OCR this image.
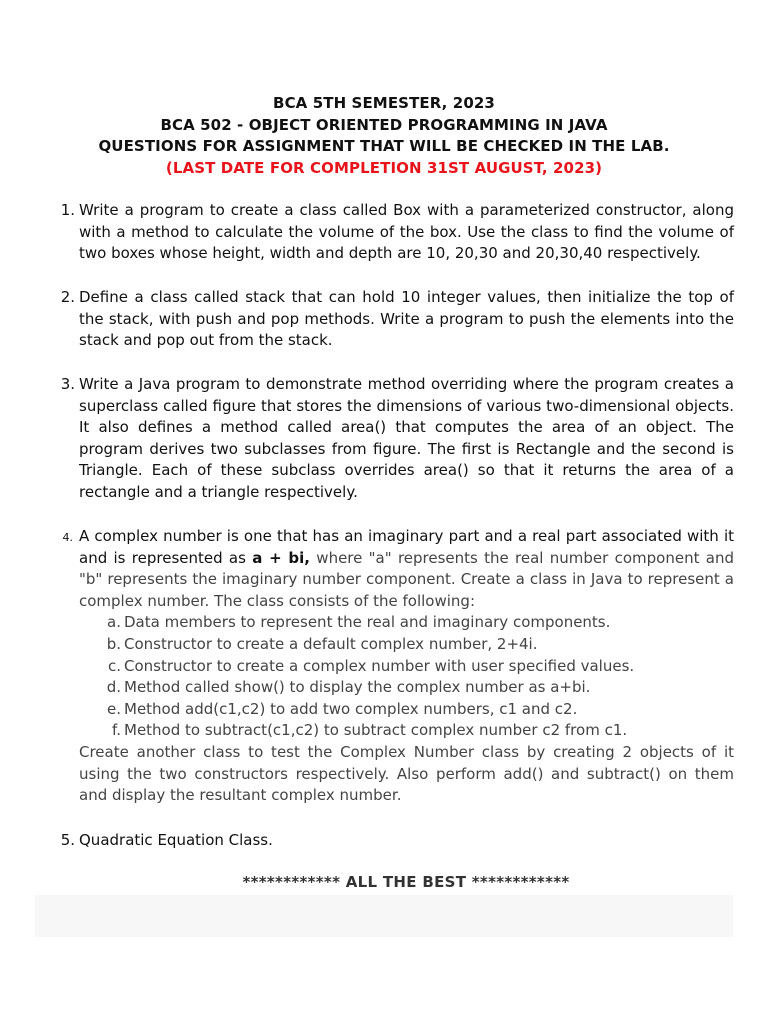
BCA 5TH SEMESTER, 2023
BCA 502 - OBJECT ORIENTED PROGRAMMING IN JAVA
QUESTIONS FOR ASSIGNMENT THAT WILL BE CHECKED IN THE LAB.
(LAST DATE FOR COMPLETION 31ST AUGUST, 2023)
1. Write a program to create a class called Box with a parameterized constructor, along with a method to calculate the volume of the box. Use the class to find the volume of two boxes whose height, width and depth are 10, 20,30 and 20,30,40 respectively.
2. Define a class called stack that can hold 10 integer values, then initialize the top of the stack, with push and pop methods. Write a program to push the elements into the stack and pop out from the stack.
3. Write a Java program to demonstrate method overriding where the program creates a superclass called figure that stores the dimensions of various two-dimensional objects. It also defines a method called area() that computes the area of an object. The program derives two subclasses from figure. The first is Rectangle and the second is Triangle. Each of these subclass overrides area() so that it returns the area of a rectangle and a triangle respectively.
4. A complex number is one that has an imaginary part and a real part associated with it and is represented as a + bi, where "a" represents the real number component and "b" represents the imaginary number component. Create a class in Java to represent a complex number. The class consists of the following:
a. Data members to represent the real and imaginary components.
b. Constructor to create a default complex number, 2+4i.
c. Constructor to create a complex number with user specified values.
d. Method called show() to display the complex number as a+bi.
e. Method add(c1,c2) to add two complex numbers, c1 and c2.
f. Method to subtract(c1,c2) to subtract complex number c2 from c1.
Create another class to test the Complex Number class by creating 2 objects of it using the two constructors respectively. Also perform add() and subtract() on them and display the resultant complex number.
5. Quadratic Equation Class.
************ ALL THE BEST ************
